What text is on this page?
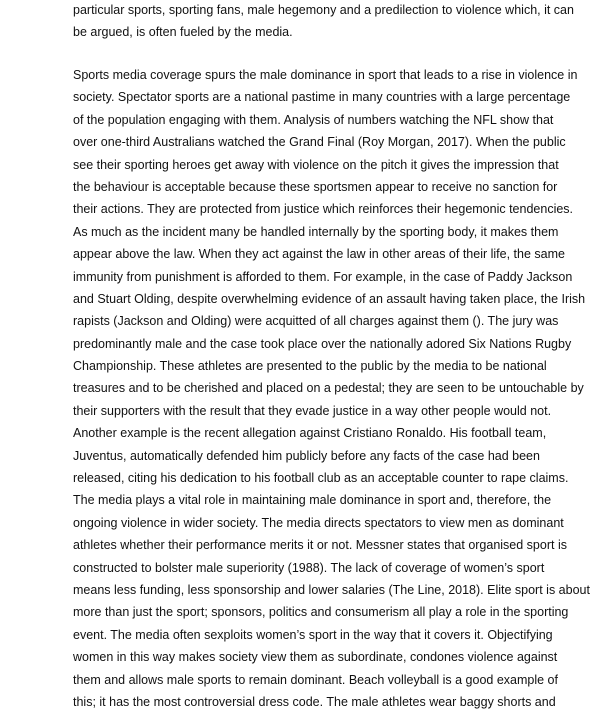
particular sports, sporting fans, male hegemony and a predilection to violence which, it can
be argued, is often fueled by the media.
Sports media coverage spurs the male dominance in sport that leads to a rise in violence in
society. Spectator sports are a national pastime in many countries with a large percentage
of the population engaging with them. Analysis of numbers watching the NFL show that
over one-third Australians watched the Grand Final (Roy Morgan, 2017). When the public
see their sporting heroes get away with violence on the pitch it gives the impression that
the behaviour is acceptable because these sportsmen appear to receive no sanction for
their actions. They are protected from justice which reinforces their hegemonic tendencies.
As much as the incident many be handled internally by the sporting body, it makes them
appear above the law. When they act against the law in other areas of their life, the same
immunity from punishment is afforded to them. For example, in the case of Paddy Jackson
and Stuart Olding, despite overwhelming evidence of an assault having taken place, the Irish
rapists (Jackson and Olding) were acquitted of all charges against them (). The jury was
predominantly male and the case took place over the nationally adored Six Nations Rugby
Championship. These athletes are presented to the public by the media to be national
treasures and to be cherished and placed on a pedestal; they are seen to be untouchable by
their supporters with the result that they evade justice in a way other people would not.
Another example is the recent allegation against Cristiano Ronaldo. His football team,
Juventus, automatically defended him publicly before any facts of the case had been
released, citing his dedication to his football club as an acceptable counter to rape claims.
The media plays a vital role in maintaining male dominance in sport and, therefore, the
ongoing violence in wider society. The media directs spectators to view men as dominant
athletes whether their performance merits it or not. Messner states that organised sport is
constructed to bolster male superiority (1988). The lack of coverage of women’s sport
means less funding, less sponsorship and lower salaries (The Line, 2018). Elite sport is about
more than just the sport; sponsors, politics and consumerism all play a role in the sporting
event. The media often sexploits women’s sport in the way that it covers it. Objectifying
women in this way makes society view them as subordinate, condones violence against
them and allows male sports to remain dominant. Beach volleyball is a good example of
this; it has the most controversial dress code. The male athletes wear baggy shorts and
